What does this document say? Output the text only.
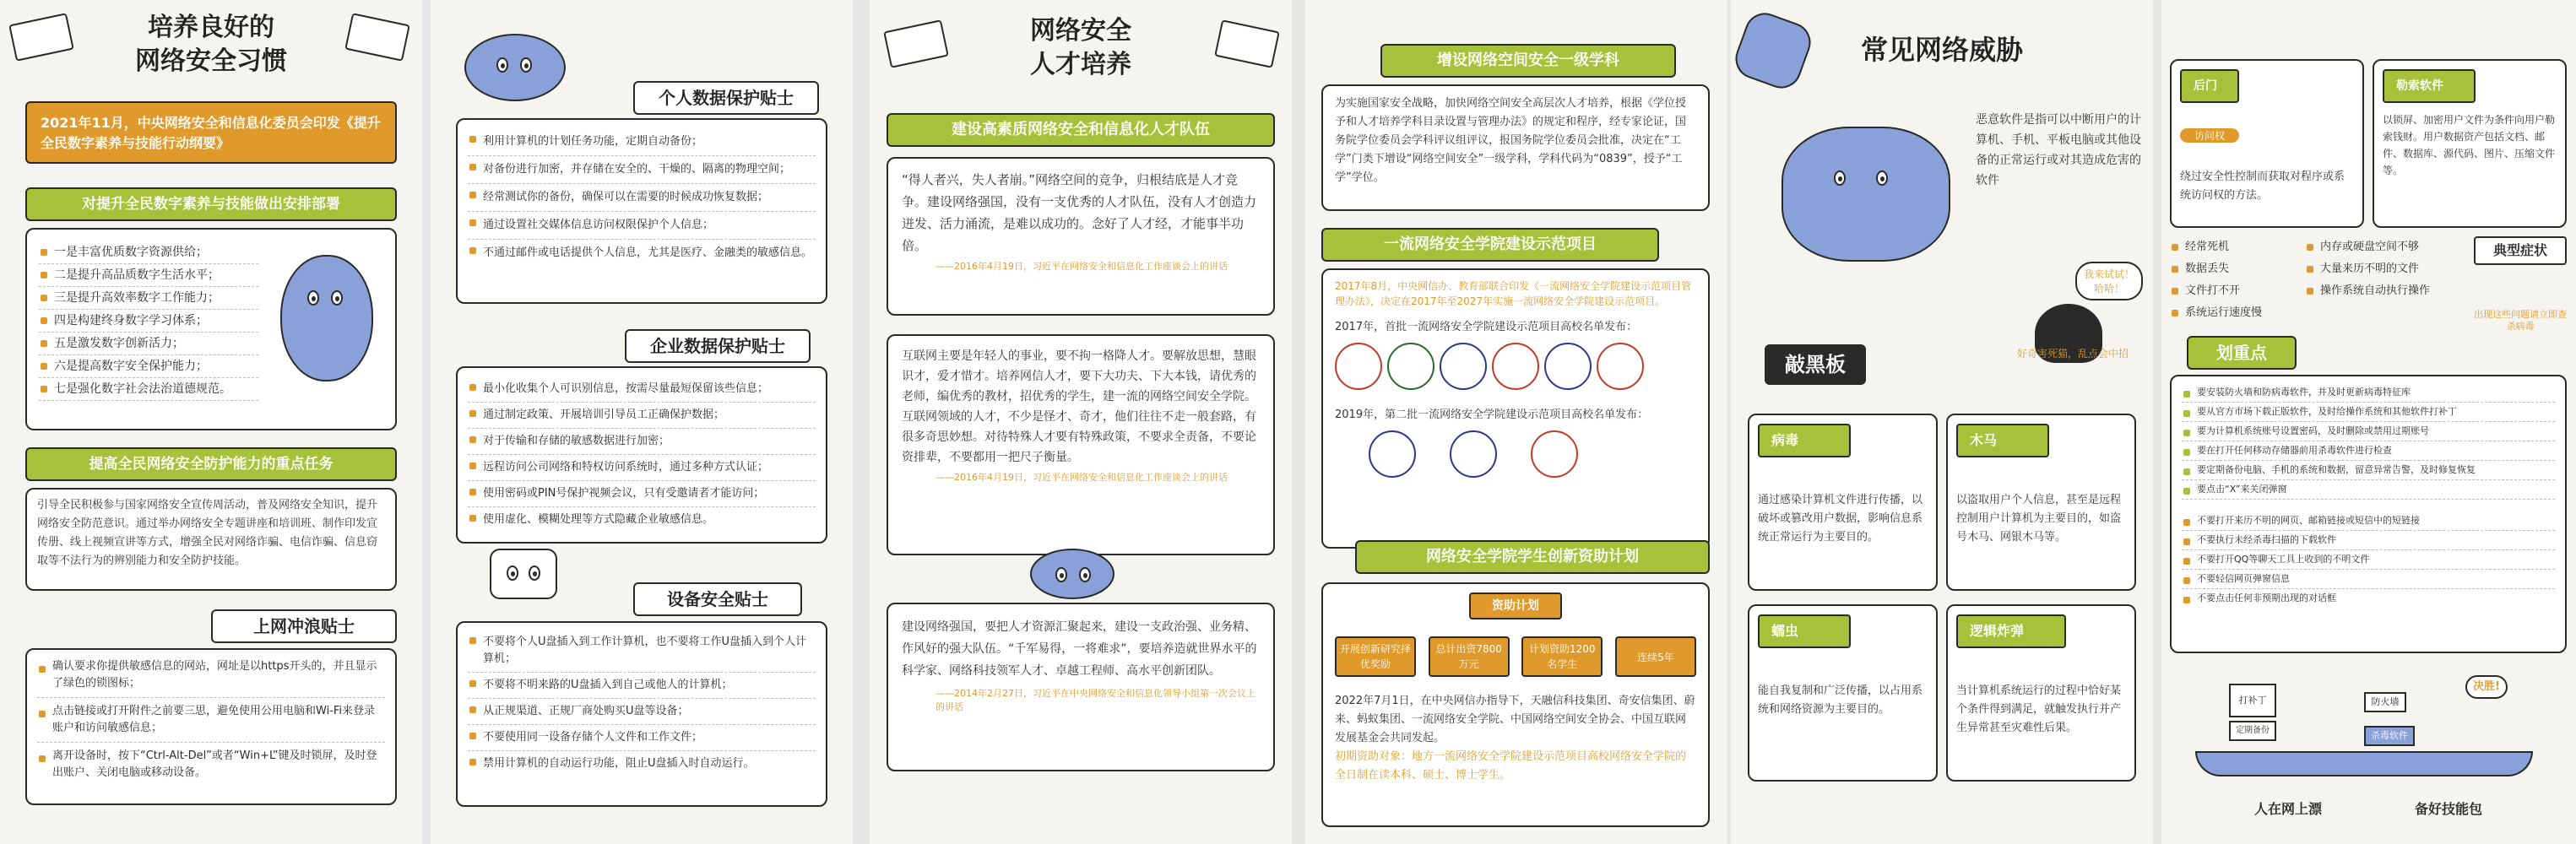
培养良好的
网络安全习惯
2021年11月，中央网络安全和信息化委员会印发《提升全民数字素养与技能行动纲要》
对提升全民数字素养与技能做出安排部署
一是丰富优质数字资源供给；
二是提升高品质数字生活水平；
三是提升高效率数字工作能力；
四是构建终身数字学习体系；
五是激发数字创新活力；
六是提高数字安全保护能力；
七是强化数字社会法治道德规范。
提高全民网络安全防护能力的重点任务
引导全民积极参与国家网络安全宣传周活动，普及网络安全知识，提升网络安全防范意识。通过举办网络安全专题讲座和培训班、制作印发宣传册、线上视频宣讲等方式，增强全民对网络诈骗、电信诈骗、信息窃取等不法行为的辨别能力和安全防护技能。
上网冲浪贴士
确认要求你提供敏感信息的网站，网址是以https开头的，并且显示了绿色的锁图标；
点击链接或打开附件之前要三思，避免使用公用电脑和Wi-Fi来登录账户和访问敏感信息；
离开设备时，按下“Ctrl-Alt-Del”或者“Win+L”键及时锁屏，及时登出账户、关闭电脑或移动设备。
个人数据保护贴士
利用计算机的计划任务功能，定期自动备份；
对备份进行加密，并存储在安全的、干燥的、隔离的物理空间；
经常测试你的备份，确保可以在需要的时候成功恢复数据；
通过设置社交媒体信息访问权限保护个人信息；
不通过邮件或电话提供个人信息，尤其是医疗、金融类的敏感信息。
企业数据保护贴士
最小化收集个人可识别信息，按需尽量最短保留该些信息；
通过制定政策、开展培训引导员工正确保护数据；
对于传输和存储的敏感数据进行加密；
远程访问公司网络和特权访问系统时，通过多种方式认证；
使用密码或PIN号保护视频会议，只有受邀请者才能访问；
使用虚化、模糊处理等方式隐藏企业敏感信息。
设备安全贴士
不要将个人U盘插入到工作计算机，也不要将工作U盘插入到个人计算机；
不要将不明来路的U盘插入到自己或他人的计算机；
从正规渠道、正规厂商处购买U盘等设备；
不要使用同一设备存储个人文件和工作文件；
禁用计算机的自动运行功能，阻止U盘插入时自动运行。
网络安全
人才培养
建设高素质网络安全和信息化人才队伍
“得人者兴，失人者崩。”网络空间的竞争，归根结底是人才竞争。建设网络强国，没有一支优秀的人才队伍，没有人才创造力迸发、活力涌流，是难以成功的。念好了人才经，才能事半功倍。
——2016年4月19日，习近平在网络安全和信息化工作座谈会上的讲话
互联网主要是年轻人的事业，要不拘一格降人才。要解放思想，慧眼识才，爱才惜才。培养网信人才，要下大功夫、下大本钱，请优秀的老师，编优秀的教材，招优秀的学生，建一流的网络空间安全学院。互联网领域的人才，不少是怪才、奇才，他们往往不走一般套路，有很多奇思妙想。对待特殊人才要有特殊政策，不要求全责备，不要论资排辈，不要都用一把尺子衡量。
——2016年4月19日，习近平在网络安全和信息化工作座谈会上的讲话
建设网络强国，要把人才资源汇聚起来，建设一支政治强、业务精、作风好的强大队伍。“千军易得，一将难求”，要培养造就世界水平的科学家、网络科技领军人才、卓越工程师、高水平创新团队。
——2014年2月27日，习近平在中央网络安全和信息化领导小组第一次会议上的讲话
增设网络空间安全一级学科
为实施国家安全战略，加快网络空间安全高层次人才培养，根据《学位授予和人才培养学科目录设置与管理办法》的规定和程序，经专家论证，国务院学位委员会学科评议组评议，报国务院学位委员会批准，决定在“工学”门类下增设“网络空间安全”一级学科，学科代码为“0839”，授予“工学”学位。
一流网络安全学院建设示范项目
2017年8月，中央网信办、教育部联合印发《一流网络安全学院建设示范项目管理办法》，决定在2017年至2027年实施一流网络安全学院建设示范项目。
2017年，首批一流网络安全学院建设示范项目高校名单发布：
2019年，第二批一流网络安全学院建设示范项目高校名单发布：
网络安全学院学生创新资助计划
资助计划
开展创新研究择优奖励
总计出资7800万元
计划资助1200名学生
连续5年
2022年7月1日，在中央网信办指导下，天融信科技集团、奇安信集团、蔚来、蚂蚁集团、一流网络安全学院、中国网络空间安全协会、中国互联网发展基金会共同发起。
初期资助对象：地方一流网络安全学院建设示范项目高校网络安全学院的全日制在读本科、硕士、博士学生。
常见网络威胁
恶意软件是指可以中断用户的计算机、手机、平板电脑或其他设备的正常运行或对其造成危害的软件
我来试试！哈哈！
好奇害死猫，乱点会中招
敲黑板
病毒
通过感染计算机文件进行传播，以破坏或篡改用户数据，影响信息系统正常运行为主要目的。
木马
以盗取用户个人信息，甚至是远程控制用户计算机为主要目的，如盗号木马、网银木马等。
蠕虫
能自我复制和广泛传播，以占用系统和网络资源为主要目的。
逻辑炸弹
当计算机系统运行的过程中恰好某个条件得到满足，就触发执行并产生异常甚至灾难性后果。
后门
访问权
绕过安全性控制而获取对程序或系统访问权的方法。
勒索软件
以锁屏、加密用户文件为条件向用户勒索钱财。用户数据资产包括文档、邮件、数据库、源代码、图片、压缩文件等。
经常死机
数据丢失
文件打不开
系统运行速度慢
内存或硬盘空间不够
大量来历不明的文件
操作系统自动执行操作
典型症状
出现这些问题请立即查杀病毒
划重点
要安装防火墙和防病毒软件，并及时更新病毒特征库
要从官方市场下载正版软件，及时给操作系统和其他软件打补丁
要为计算机系统账号设置密码，及时删除或禁用过期账号
要在打开任何移动存储器前用杀毒软件进行检查
要定期备份电脑、手机的系统和数据，留意异常告警，及时修复恢复
要点击“X”来关闭弹窗
不要打开来历不明的网页、邮箱链接或短信中的短链接
不要执行未经杀毒扫描的下载软件
不要打开QQ等聊天工具上收到的不明文件
不要轻信网页弹窗信息
不要点击任何非预期出现的对话框
打补丁
定期备份
防火墙
杀毒软件
决胜!
人在网上漂	备好技能包
